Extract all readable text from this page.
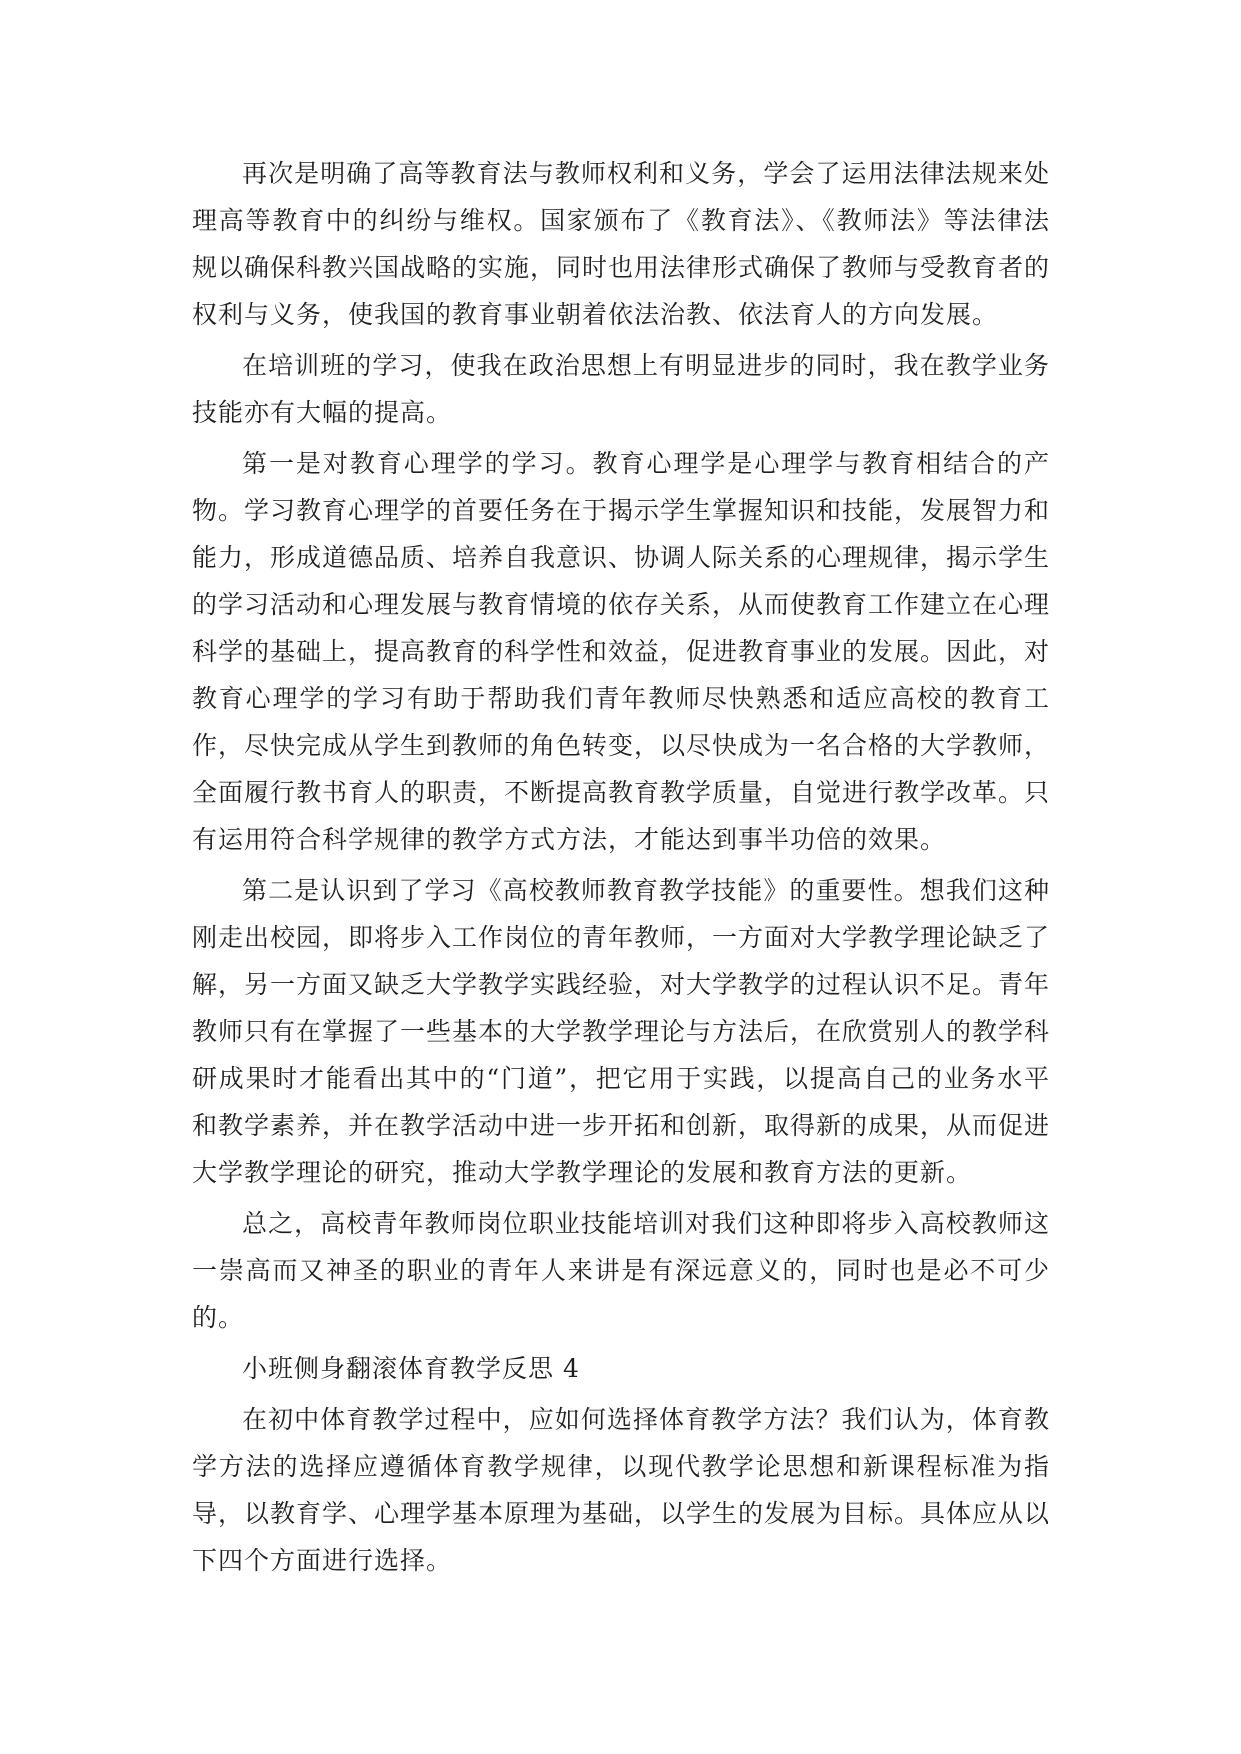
再次是明确了高等教育法与教师权利和义务，学会了运用法律法规来处理高等教育中的纠纷与维权。国家颁布了《教育法》、《教师法》等法律法规以确保科教兴国战略的实施，同时也用法律形式确保了教师与受教育者的权利与义务，使我国的教育事业朝着依法治教、依法育人的方向发展。

在培训班的学习，使我在政治思想上有明显进步的同时，我在教学业务技能亦有大幅的提高。

第一是对教育心理学的学习。教育心理学是心理学与教育相结合的产物。学习教育心理学的首要任务在于揭示学生掌握知识和技能，发展智力和能力，形成道德品质、培养自我意识、协调人际关系的心理规律，揭示学生的学习活动和心理发展与教育情境的依存关系，从而使教育工作建立在心理科学的基础上，提高教育的科学性和效益，促进教育事业的发展。因此，对教育心理学的学习有助于帮助我们青年教师尽快熟悉和适应高校的教育工作，尽快完成从学生到教师的角色转变，以尽快成为一名合格的大学教师，全面履行教书育人的职责，不断提高教育教学质量，自觉进行教学改革。只有运用符合科学规律的教学方式方法，才能达到事半功倍的效果。

第二是认识到了学习《高校教师教育教学技能》的重要性。想我们这种刚走出校园，即将步入工作岗位的青年教师，一方面对大学教学理论缺乏了解，另一方面又缺乏大学教学实践经验，对大学教学的过程认识不足。青年教师只有在掌握了一些基本的大学教学理论与方法后，在欣赏别人的教学科研成果时才能看出其中的“门道”，把它用于实践，以提高自己的业务水平和教学素养，并在教学活动中进一步开拓和创新，取得新的成果，从而促进大学教学理论的研究，推动大学教学理论的发展和教育方法的更新。

总之，高校青年教师岗位职业技能培训对我们这种即将步入高校教师这一崇高而又神圣的职业的青年人来讲是有深远意义的，同时也是必不可少的。

小班侧身翻滚体育教学反思 4

在初中体育教学过程中，应如何选择体育教学方法？我们认为，体育教学方法的选择应遵循体育教学规律，以现代教学论思想和新课程标准为指导，以教育学、心理学基本原理为基础，以学生的发展为目标。具体应从以下四个方面进行选择。
